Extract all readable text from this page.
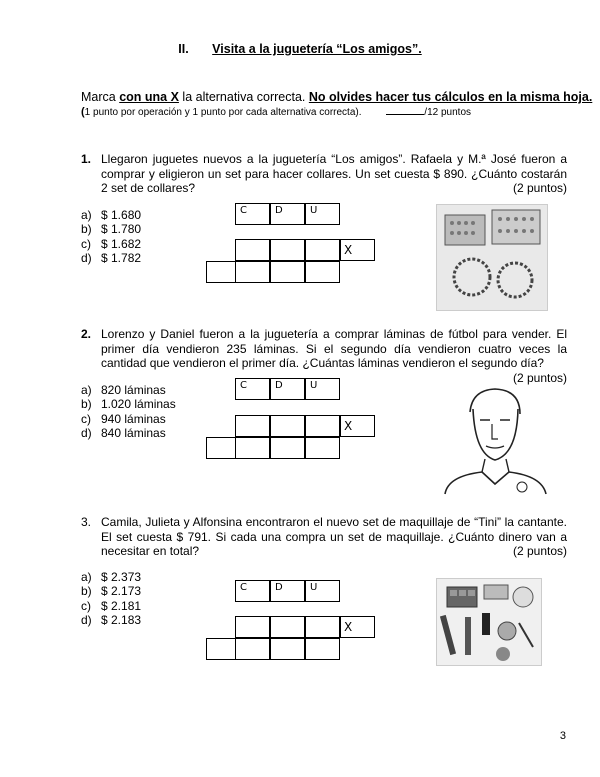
II. Visita a la juguetería “Los amigos”.
Marca con una X la alternativa correcta. No olvides hacer tus cálculos en la misma hoja.
(1 punto por operación y 1 punto por cada alternativa correcta).	/12 puntos
1. Llegaron juguetes nuevos a la juguetería “Los amigos”. Rafaela y M.ª José fueron a comprar y eligieron un set para hacer collares. Un set cuesta $ 890. ¿Cuánto costarán 2 set de collares?	(2 puntos)
a) $ 1.680
b) $ 1.780
c) $ 1.682
d) $ 1.782
C	D	U
X
2. Lorenzo y Daniel fueron a la juguetería a comprar láminas de fútbol para vender. El primer día vendieron 235 láminas. Si el segundo día vendieron cuatro veces la cantidad que vendieron el primer día. ¿Cuántas láminas vendieron el segundo día?
(2 puntos)
a) 820 láminas
b) 1.020 láminas
c) 940 láminas
d) 840 láminas
C	D	U
X
3. Camila, Julieta y Alfonsina encontraron el nuevo set de maquillaje de “Tini” la cantante. El set cuesta $ 791. Si cada una compra un set de maquillaje. ¿Cuánto dinero van a necesitar en total?	(2 puntos)
a) $ 2.373
b) $ 2.173
c) $ 2.181
d) $ 2.183
C	D	U
X
3
